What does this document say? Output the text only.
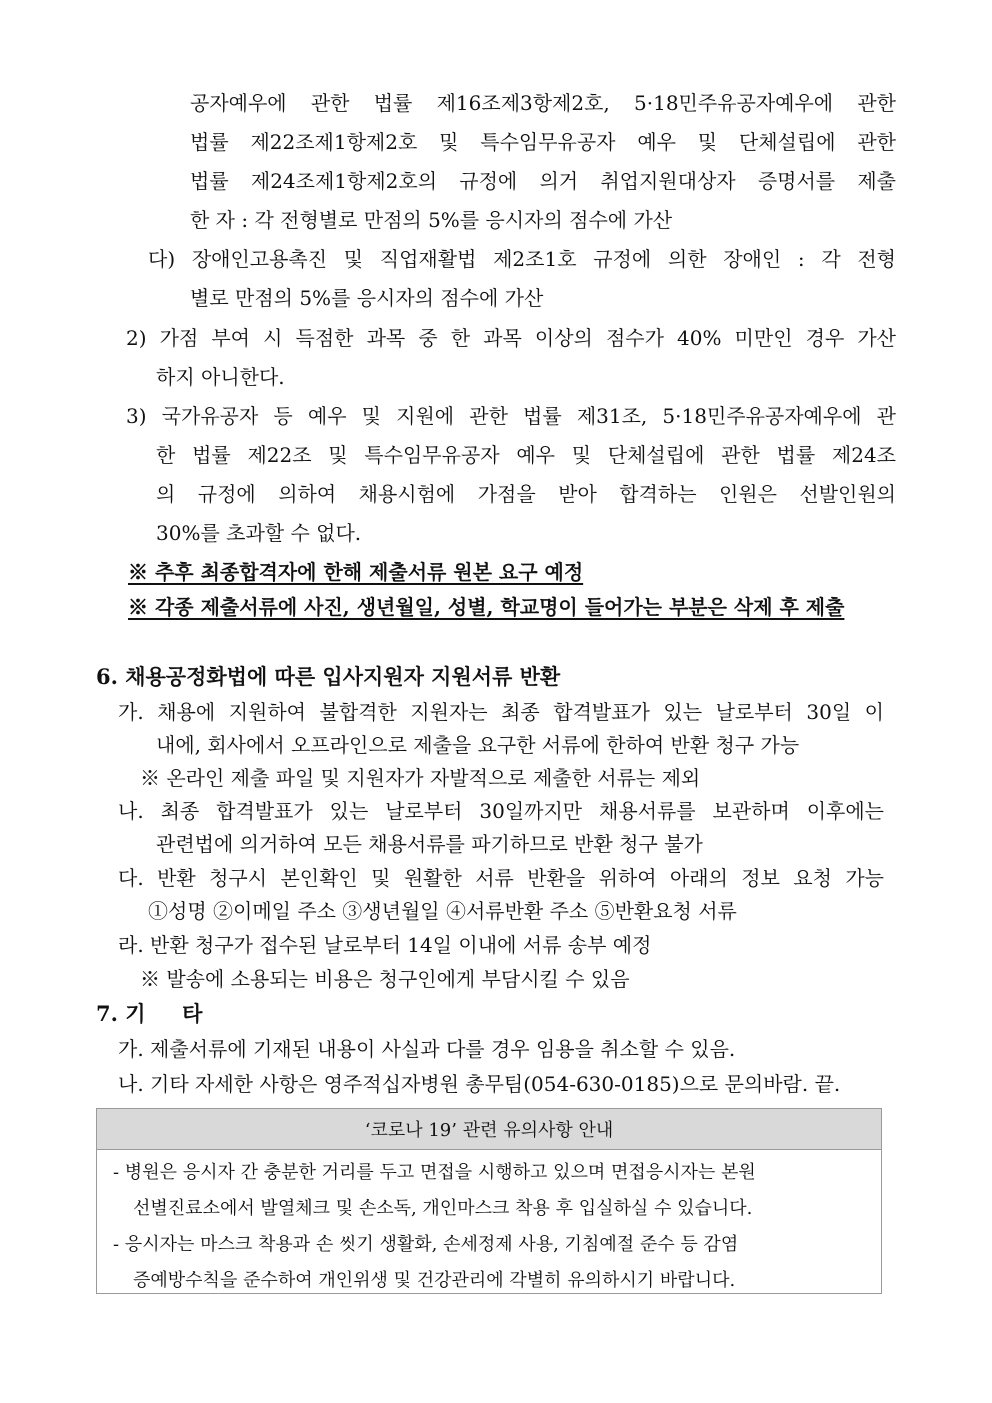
공자예우에 관한 법률 제16조제3항제2호, 5·18민주유공자예우에 관한
법률 제22조제1항제2호 및 특수임무유공자 예우 및 단체설립에 관한
법률 제24조제1항제2호의 규정에 의거 취업지원대상자 증명서를 제출
한 자 : 각 전형별로 만점의 5%를 응시자의 점수에 가산
다) 장애인고용촉진 및 직업재활법 제2조1호 규정에 의한 장애인 : 각 전형
별로 만점의 5%를 응시자의 점수에 가산
2) 가점 부여 시 득점한 과목 중 한 과목 이상의 점수가 40% 미만인 경우 가산
하지 아니한다.
3) 국가유공자 등 예우 및 지원에 관한 법률 제31조, 5·18민주유공자예우에 관
한 법률 제22조 및 특수임무유공자 예우 및 단체설립에 관한 법률 제24조
의 규정에 의하여 채용시험에 가점을 받아 합격하는 인원은 선발인원의
30%를 초과할 수 없다.
※ 추후 최종합격자에 한해 제출서류 원본 요구 예정
※ 각종 제출서류에 사진, 생년월일, 성별, 학교명이 들어가는 부분은 삭제 후 제출
6. 채용공정화법에 따른 입사지원자 지원서류 반환
가. 채용에 지원하여 불합격한 지원자는 최종 합격발표가 있는 날로부터 30일 이
내에, 회사에서 오프라인으로 제출을 요구한 서류에 한하여 반환 청구 가능
※ 온라인 제출 파일 및 지원자가 자발적으로 제출한 서류는 제외
나. 최종 합격발표가 있는 날로부터 30일까지만 채용서류를 보관하며 이후에는
관련법에 의거하여 모든 채용서류를 파기하므로 반환 청구 불가
다. 반환 청구시 본인확인 및 원활한 서류 반환을 위하여 아래의 정보 요청 가능
①성명 ②이메일 주소 ③생년월일 ④서류반환 주소 ⑤반환요청 서류
라. 반환 청구가 접수된 날로부터 14일 이내에 서류 송부 예정
※ 발송에 소용되는 비용은 청구인에게 부담시킬 수 있음
7. 기     타
가. 제출서류에 기재된 내용이 사실과 다를 경우 임용을 취소할 수 있음.
나. 기타 자세한 사항은 영주적십자병원 총무팀(054-630-0185)으로 문의바람. 끝.
‘코로나 19’ 관련 유의사항 안내
- 병원은 응시자 간 충분한 거리를 두고 면접을 시행하고 있으며 면접응시자는 본원
선별진료소에서 발열체크 및 손소독, 개인마스크 착용 후 입실하실 수 있습니다.
- 응시자는 마스크 착용과 손 씻기 생활화, 손세정제 사용, 기침예절 준수 등 감염
증예방수칙을 준수하여 개인위생 및 건강관리에 각별히 유의하시기 바랍니다.
